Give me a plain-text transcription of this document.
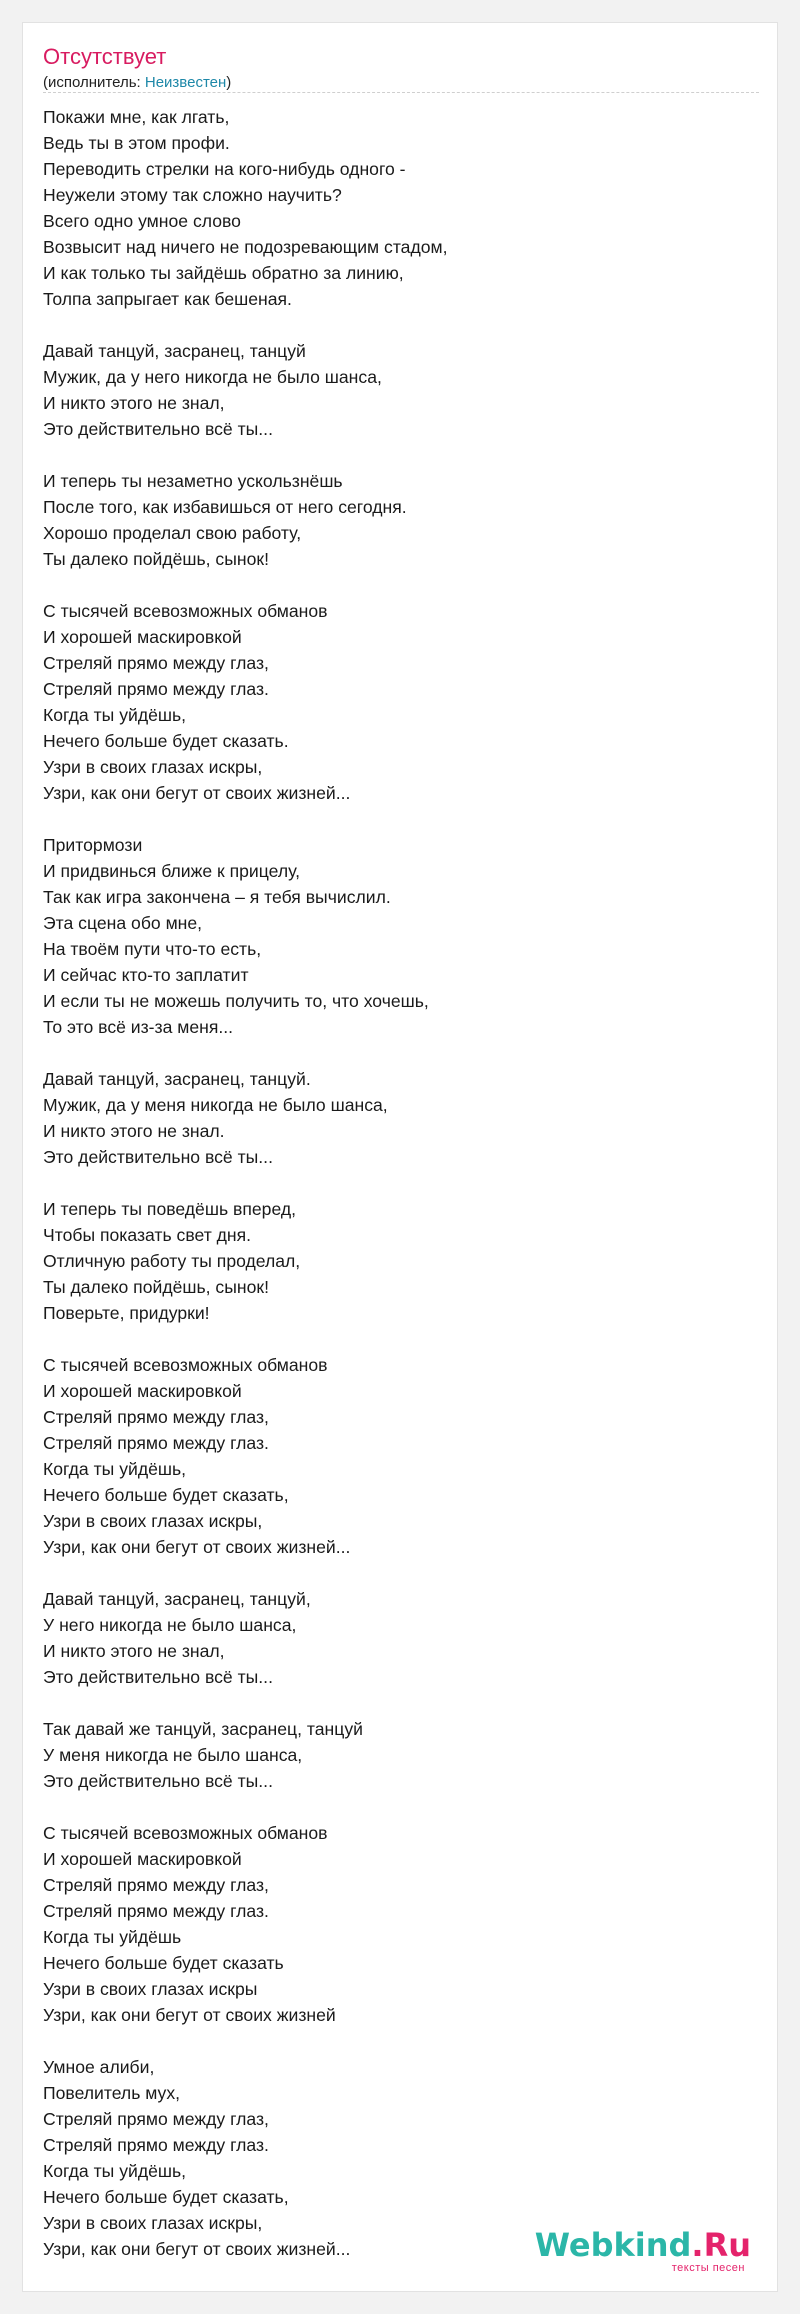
Отсутствует
(исполнитель: Неизвестен)
Покажи мне, как лгать,
Ведь ты в этом профи.
Переводить стрелки на кого-нибудь одного -
Неужели этому так сложно научить?
Всего одно умное слово
Возвысит над ничего не подозревающим стадом,
И как только ты зайдёшь обратно за линию,
Толпа запрыгает как бешеная.
Давай танцуй, засранец, танцуй
Мужик, да у него никогда не было шанса,
И никто этого не знал,
Это действительно всё ты...
И теперь ты незаметно ускользнёшь
После того, как избавишься от него сегодня.
Хорошо проделал свою работу,
Ты далеко пойдёшь, сынок!
С тысячей всевозможных обманов
И хорошей маскировкой
Стреляй прямо между глаз,
Стреляй прямо между глаз.
Когда ты уйдёшь,
Нечего больше будет сказать.
Узри в своих глазах искры,
Узри, как они бегут от своих жизней...
Притормози
И придвинься ближе к прицелу,
Так как игра закончена – я тебя вычислил.
Эта сцена обо мне,
На твоём пути что-то есть,
И сейчас кто-то заплатит
И если ты не можешь получить то, что хочешь,
То это всё из-за меня...
Давай танцуй, засранец, танцуй.
Мужик, да у меня никогда не было шанса,
И никто этого не знал.
Это действительно всё ты...
И теперь ты поведёшь вперед,
Чтобы показать свет дня.
Отличную работу ты проделал,
Ты далеко пойдёшь, сынок!
Поверьте, придурки!
С тысячей всевозможных обманов
И хорошей маскировкой
Стреляй прямо между глаз,
Стреляй прямо между глаз.
Когда ты уйдёшь,
Нечего больше будет сказать,
Узри в своих глазах искры,
Узри, как они бегут от своих жизней...
Давай танцуй, засранец, танцуй,
У него никогда не было шанса,
И никто этого не знал,
Это действительно всё ты...
Так давай же танцуй, засранец, танцуй
У меня никогда не было шанса,
Это действительно всё ты...
С тысячей всевозможных обманов
И хорошей маскировкой
Стреляй прямо между глаз,
Стреляй прямо между глаз.
Когда ты уйдёшь
Нечего больше будет сказать
Узри в своих глазах искры
Узри, как они бегут от своих жизней
Умное алиби,
Повелитель мух,
Стреляй прямо между глаз,
Стреляй прямо между глаз.
Когда ты уйдёшь,
Нечего больше будет сказать,
Узри в своих глазах искры,
Узри, как они бегут от своих жизней...	Webkind.Ru
тексты песен
